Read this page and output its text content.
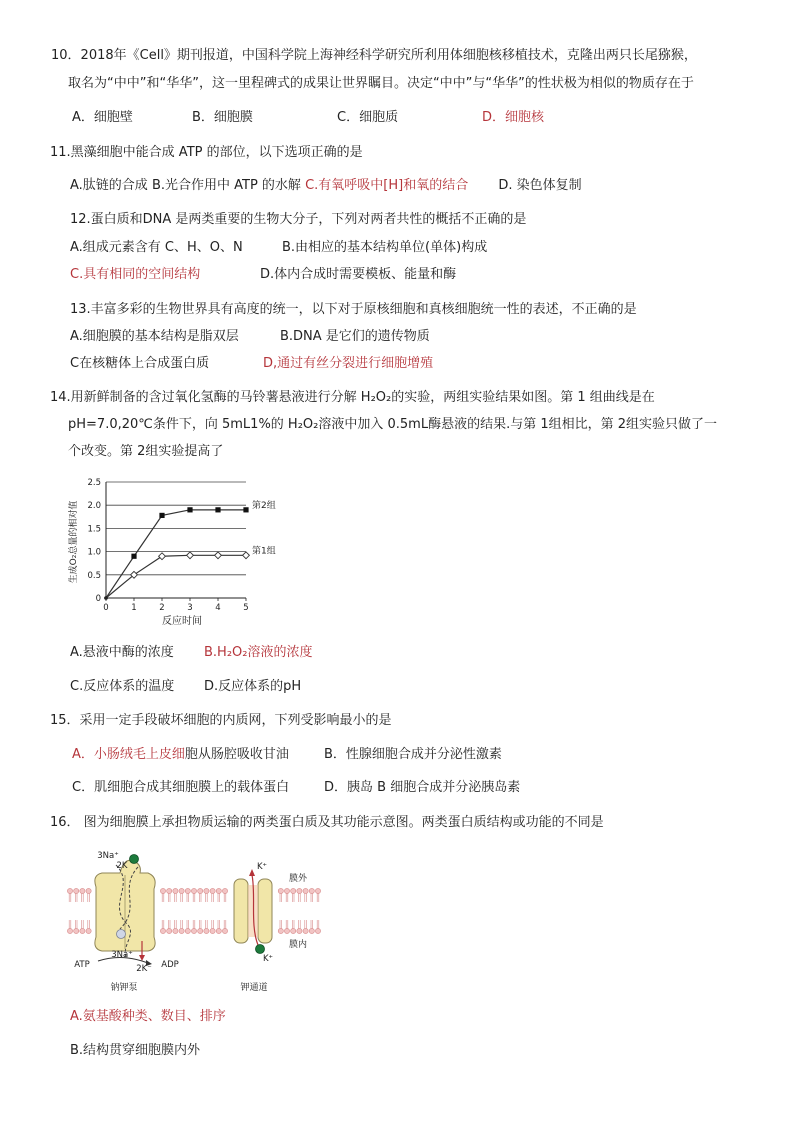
10．2018年《Cell》期刊报道，中国科学院上海神经科学研究所利用体细胞核移植技术，克隆出两只长尾猕猴，
取名为“中中”和“华华”，这一里程碑式的成果让世界瞩目。决定“中中”与“华华”的性状极为相似的物质存在于
A．细胞壁	B．细胞膜	C．细胞质	D．细胞核
11.黑藻细胞中能合成 ATP 的部位，以下选项正确的是
A.肽链的合成 B.光合作用中 ATP 的水解 C.有氧呼吸中[H]和氧的结合 D. 染色体复制
12.蛋白质和DNA 是两类重要的生物大分子，下列对两者共性的概括不正确的是
A.组成元素含有 C、H、O、N	B.由相应的基本结构单位(单体)构成
C.具有相同的空间结构	D.体内合成时需要模板、能量和酶
13.丰富多彩的生物世界具有高度的统一，以下对于原核细胞和真核细胞统一性的表述，不正确的是
A.细胞膜的基本结构是脂双层	B.DNA 是它们的遗传物质
C在核糖体上合成蛋白质	D,通过有丝分裂进行细胞增殖
14.用新鲜制备的含过氧化氢酶的马铃薯悬液进行分解 H₂O₂的实验，两组实验结果如图。第 1 组曲线是在
pH=7.0,20℃条件下，向 5mL1%的 H₂O₂溶液中加入 0.5mL酶悬液的结果.与第 1组相比，第 2组实验只做了一
个改变。第 2组实验提高了
0
0.5
1.0
1.5
2.0
2.5
0	1	2	3	4	5
第2组
第1组
生成O₂总量的相对值
反应时间
A.悬液中酶的浓度 B.H₂O₂溶液的浓度
C.反应体系的温度 D.反应体系的pH
15．采用一定手段破坏细胞的内质网，下列受影响最小的是
A．小肠绒毛上皮细胞从肠腔吸收甘油	B．性腺细胞合成并分泌性激素
C．肌细胞合成其细胞膜上的载体蛋白	D．胰岛 B 细胞合成并分泌胰岛素
16． 图为细胞膜上承担物质运输的两类蛋白质及其功能示意图。两类蛋白质结构或功能的不同是
3Na⁺
2K
3Na⁺
2K⁻
ATP	ADP
钠钾泵
K⁺
K⁺
膜外
膜内
钾通道
A.氨基酸种类、数目、排序
B.结构贯穿细胞膜内外
